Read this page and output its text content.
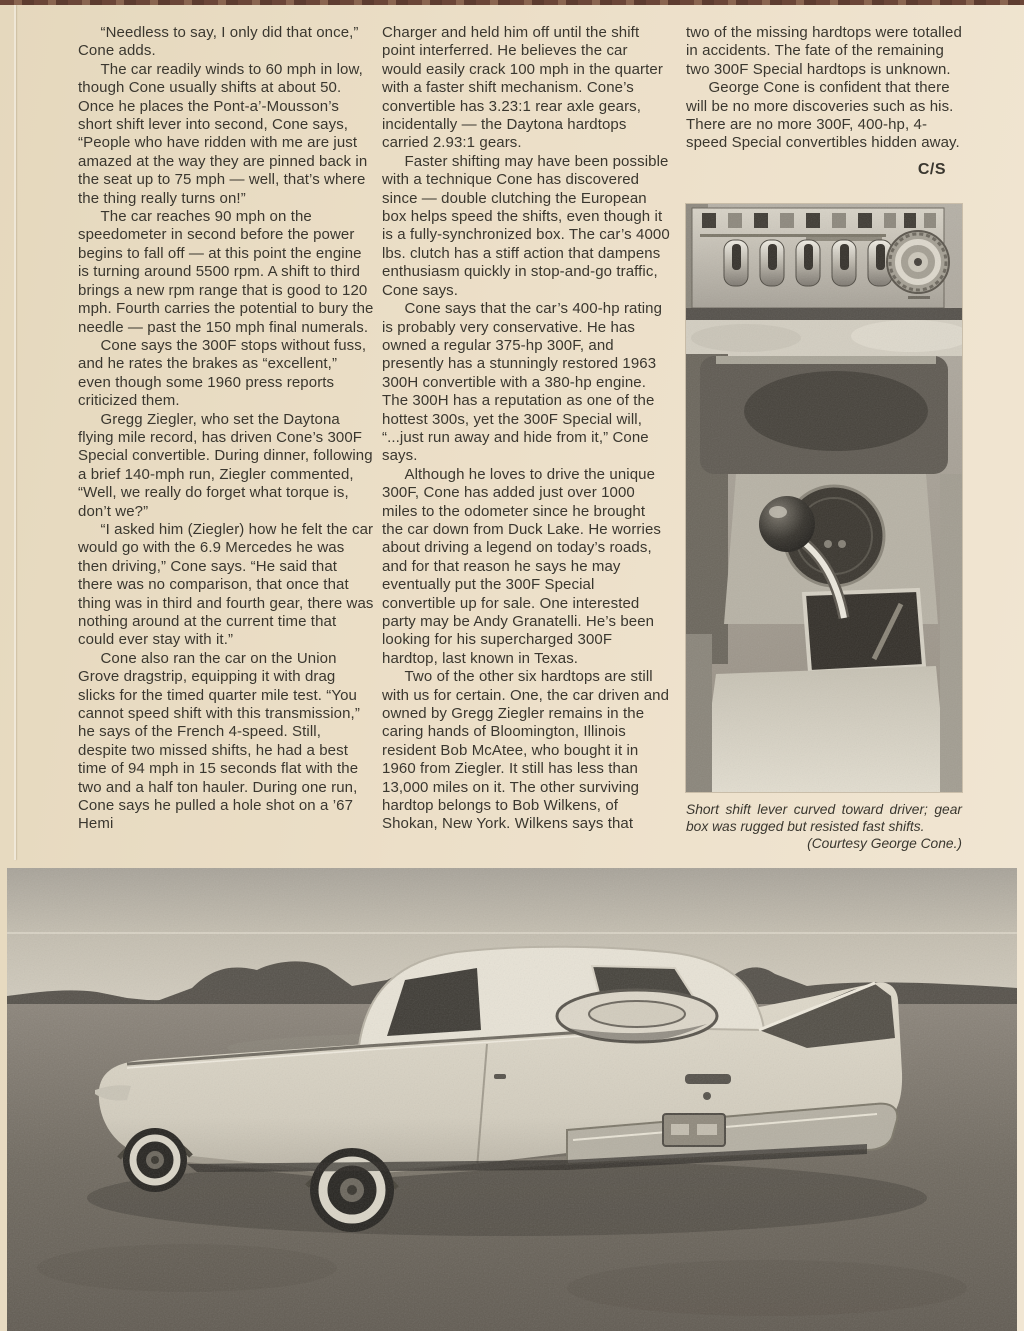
“Needless to say, I only did that once,” Cone adds.

The car readily winds to 60 mph in low, though Cone usually shifts at about 50. Once he places the Pont-a’-Mousson’s short shift lever into second, Cone says, “People who have ridden with me are just amazed at the way they are pinned back in the seat up to 75 mph — well, that’s where the thing really turns on!”

The car reaches 90 mph on the speedometer in second before the power begins to fall off — at this point the engine is turning around 5500 rpm. A shift to third brings a new rpm range that is good to 120 mph. Fourth carries the potential to bury the needle — past the 150 mph final numerals.

Cone says the 300F stops without fuss, and he rates the brakes as “excellent,” even though some 1960 press reports criticized them.

Gregg Ziegler, who set the Daytona flying mile record, has driven Cone’s 300F Special convertible. During dinner, following a brief 140-mph run, Ziegler commented, “Well, we really do forget what torque is, don’t we?”

“I asked him (Ziegler) how he felt the car would go with the 6.9 Mercedes he was then driving,” Cone says. “He said that there was no comparison, that once that thing was in third and fourth gear, there was nothing around at the current time that could ever stay with it.”

Cone also ran the car on the Union Grove dragstrip, equipping it with drag slicks for the timed quarter mile test. “You cannot speed shift with this transmission,” he says of the French 4-speed. Still, despite two missed shifts, he had a best time of 94 mph in 15 seconds flat with the two and a half ton hauler. During one run, Cone says he pulled a hole shot on a ’67 Hemi

Charger and held him off until the shift point interferred. He believes the car would easily crack 100 mph in the quarter with a faster shift mechanism. Cone’s convertible has 3.23:1 rear axle gears, incidentally — the Daytona hardtops carried 2.93:1 gears.

Faster shifting may have been possible with a technique Cone has discovered since — double clutching the European box helps speed the shifts, even though it is a fully-synchronized box. The car’s 4000 lbs. clutch has a stiff action that dampens enthusiasm quickly in stop-and-go traffic, Cone says.

Cone says that the car’s 400-hp rating is probably very conservative. He has owned a regular 375-hp 300F, and presently has a stunningly restored 1963 300H convertible with a 380-hp engine. The 300H has a reputation as one of the hottest 300s, yet the 300F Special will, “...just run away and hide from it,” Cone says.

Although he loves to drive the unique 300F, Cone has added just over 1000 miles to the odometer since he brought the car down from Duck Lake. He worries about driving a legend on today’s roads, and for that reason he says he may eventually put the 300F Special convertible up for sale. One interested party may be Andy Granatelli. He’s been looking for his supercharged 300F hardtop, last known in Texas.

Two of the other six hardtops are still with us for certain. One, the car driven and owned by Gregg Ziegler remains in the caring hands of Bloomington, Illinois resident Bob McAtee, who bought it in 1960 from Ziegler. It still has less than 13,000 miles on it. The other surviving hardtop belongs to Bob Wilkens, of Shokan, New York. Wilkens says that

two of the missing hardtops were totalled in accidents. The fate of the remaining two 300F Special hardtops is unknown.

George Cone is confident that there will be no more discoveries such as his. There are no more 300F, 400-hp, 4-speed Special convertibles hidden away.

C/S
Short shift lever curved toward driver; gear box was rugged but resisted fast shifts.
(Courtesy George Cone.)
